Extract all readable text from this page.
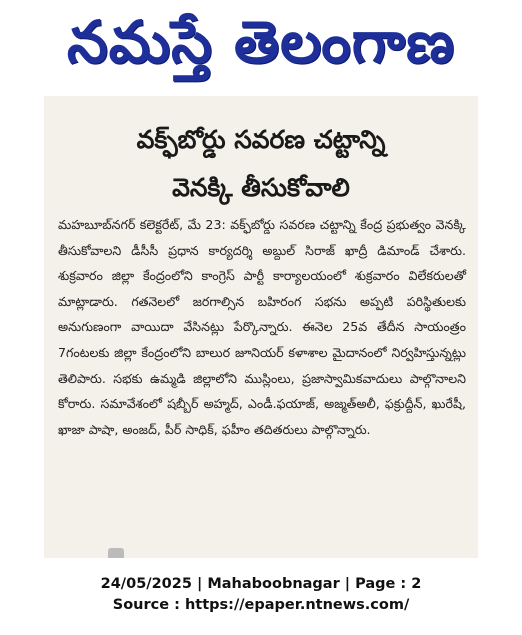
నమస్తే తెలంగాణ
వక్ఫ్‌బోర్డు సవరణ చట్టాన్ని
వెనక్కి తీసుకోవాలి
మహబూబ్‌నగర్ కలెక్టరేట్, మే 23: వక్ఫ్‌బోర్డు సవరణ చట్టాన్ని కేంద్ర ప్రభుత్వం వెనక్కి తీసుకోవాలని డీసీసీ ప్రధాన కార్యదర్శి అబ్దుల్ సిరాజ్ ఖాద్రీ డిమాండ్ చేశారు. శుక్రవారం జిల్లా కేంద్రంలోని కాంగ్రెస్ పార్టీ కార్యాలయంలో శుక్రవారం విలేకరులతో మాట్లాడారు. గతనెలలో జరగాల్సిన బహిరంగ సభను అప్పటి పరిస్థితులకు అనుగుణంగా వాయిదా వేసినట్లు పేర్కొన్నారు. ఈనెల 25వ తేదీన సాయంత్రం 7గంటలకు జిల్లా కేంద్రంలోని బాలుర జూనియర్ కళాశాల మైదానంలో నిర్వహిస్తున్నట్లు తెలిపారు. సభకు ఉమ్మడి జిల్లాలోని ముస్లింలు, ప్రజాస్వామికవాదులు పాల్గొనాలని కోరారు. సమావేశంలో షబ్బీర్ అహ్మద్, ఎండీ.ఫయాజ్, అజ్మత్అలీ, ఫక్రుద్దీన్, ఖురేషీ, ఖాజా పాషా, అంజద్, పీర్ సాధిక్, ఫహీం తదితరులు పాల్గొన్నారు.
24/05/2025 | Mahaboobnagar | Page : 2
Source : https://epaper.ntnews.com/
